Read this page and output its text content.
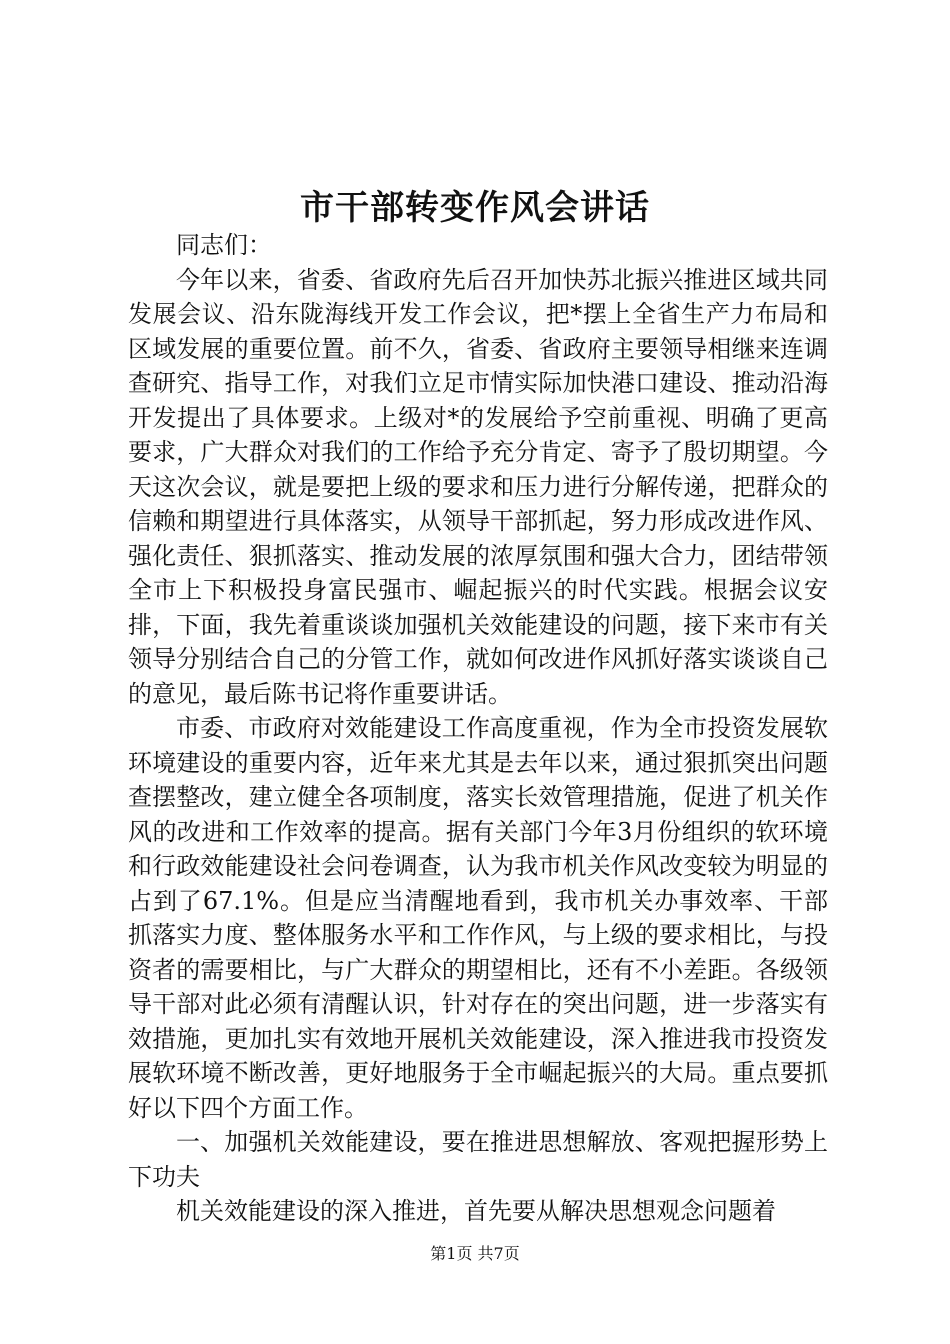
市干部转变作风会讲话

同志们：

今年以来，省委、省政府先后召开加快苏北振兴推进区域共同发展会议、沿东陇海线开发工作会议，把*摆上全省生产力布局和区域发展的重要位置。前不久，省委、省政府主要领导相继来连调查研究、指导工作，对我们立足市情实际加快港口建设、推动沿海开发提出了具体要求。上级对*的发展给予空前重视、明确了更高要求，广大群众对我们的工作给予充分肯定、寄予了殷切期望。今天这次会议，就是要把上级的要求和压力进行分解传递，把群众的信赖和期望进行具体落实，从领导干部抓起，努力形成改进作风、强化责任、狠抓落实、推动发展的浓厚氛围和强大合力，团结带领全市上下积极投身富民强市、崛起振兴的时代实践。根据会议安排，下面，我先着重谈谈加强机关效能建设的问题，接下来市有关领导分别结合自己的分管工作，就如何改进作风抓好落实谈谈自己的意见，最后陈书记将作重要讲话。

市委、市政府对效能建设工作高度重视，作为全市投资发展软环境建设的重要内容，近年来尤其是去年以来，通过狠抓突出问题查摆整改，建立健全各项制度，落实长效管理措施，促进了机关作风的改进和工作效率的提高。据有关部门今年3月份组织的软环境和行政效能建设社会问卷调查，认为我市机关作风改变较为明显的占到了67.1%。但是应当清醒地看到，我市机关办事效率、干部抓落实力度、整体服务水平和工作作风，与上级的要求相比，与投资者的需要相比，与广大群众的期望相比，还有不小差距。各级领导干部对此必须有清醒认识，针对存在的突出问题，进一步落实有效措施，更加扎实有效地开展机关效能建设，深入推进我市投资发展软环境不断改善，更好地服务于全市崛起振兴的大局。重点要抓好以下四个方面工作。

一、加强机关效能建设，要在推进思想解放、客观把握形势上下功夫

机关效能建设的深入推进，首先要从解决思想观念问题着

第1页 共7页
